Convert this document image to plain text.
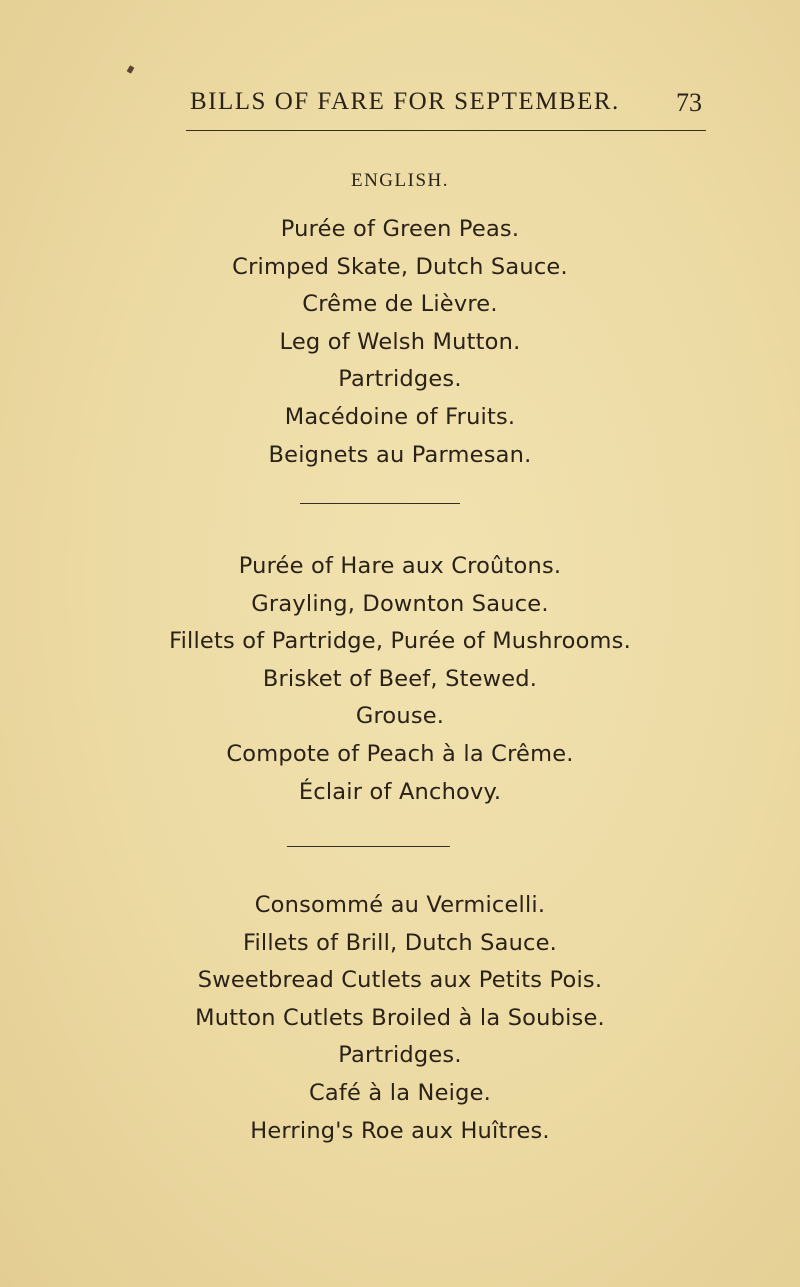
BILLS OF FARE FOR SEPTEMBER. 73
ENGLISH.
Purée of Green Peas.
Crimped Skate, Dutch Sauce.
Crême de Lièvre.
Leg of Welsh Mutton.
Partridges.
Macédoine of Fruits.
Beignets au Parmesan.
Purée of Hare aux Croûtons.
Grayling, Downton Sauce.
Fillets of Partridge, Purée of Mushrooms.
Brisket of Beef, Stewed.
Grouse.
Compote of Peach à la Crême.
Éclair of Anchovy.
Consommé au Vermicelli.
Fillets of Brill, Dutch Sauce.
Sweetbread Cutlets aux Petits Pois.
Mutton Cutlets Broiled à la Soubise.
Partridges.
Café à la Neige.
Herring's Roe aux Huîtres.
